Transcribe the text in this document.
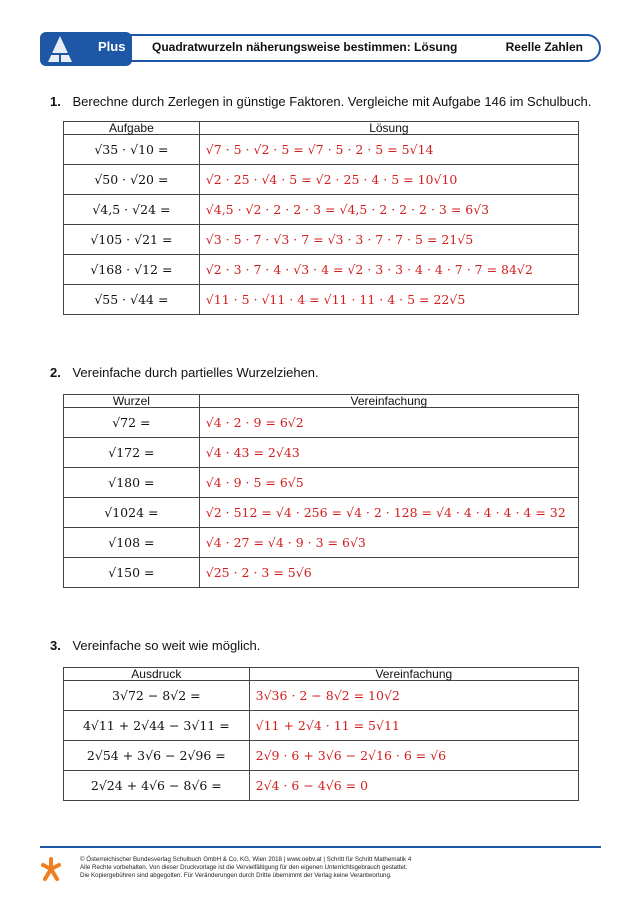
Plus Quadratwurzeln näherungsweise bestimmen: Lösung	Reelle Zahlen
1. Berechne durch Zerlegen in günstige Faktoren. Vergleiche mit Aufgabe 146 im Schulbuch.
Aufgabe	Lösung
√35 · √10 =	√7 · 5 · √2 · 5 = √7 · 5 · 2 · 5 = 5√14
√50 · √20 =	√2 · 25 · √4 · 5 = √2 · 25 · 4 · 5 = 10√10
√4,5 · √24 =	√4,5 · √2 · 2 · 2 · 3 = √4,5 · 2 · 2 · 2 · 3 = 6√3
√105 · √21 =	√3 · 5 · 7 · √3 · 7 = √3 · 3 · 7 · 7 · 5 = 21√5
√168 · √12 =	√2 · 3 · 7 · 4 · √3 · 4 = √2 · 3 · 3 · 4 · 4 · 7 · 7 = 84√2
√55 · √44 =	√11 · 5 · √11 · 4 = √11 · 11 · 4 · 5 = 22√5
2. Vereinfache durch partielles Wurzelziehen.
Wurzel	Vereinfachung
√72 =	√4 · 2 · 9 = 6√2
√172 =	√4 · 43 = 2√43
√180 =	√4 · 9 · 5 = 6√5
√1024 =	√2 · 512 = √4 · 256 = √4 · 2 · 128 = √4 · 4 · 4 · 4 · 4 = 32
√108 =	√4 · 27 = √4 · 9 · 3 = 6√3
√150 =	√25 · 2 · 3 = 5√6
3. Vereinfache so weit wie möglich.
Ausdruck	Vereinfachung
3√72 − 8√2 =	3√36 · 2 − 8√2 = 10√2
4√11 + 2√44 − 3√11 =	√11 + 2√4 · 11 = 5√11
2√54 + 3√6 − 2√96 =	2√9 · 6 + 3√6 − 2√16 · 6 = √6
2√24 + 4√6 − 8√6 =	2√4 · 6 − 4√6 = 0
© Österreichischer Bundesverlag Schulbuch GmbH & Co. KG, Wien 2018 | www.oebv.at | Schritt für Schritt Mathematik 4
Alle Rechte vorbehalten. Von dieser Druckvorlage ist die Vervielfältigung für den eigenen Unterrichtsgebrauch gestattet.
Die Kopiergebühren sind abgegolten. Für Veränderungen durch Dritte übernimmt der Verlag keine Verantwortung.
